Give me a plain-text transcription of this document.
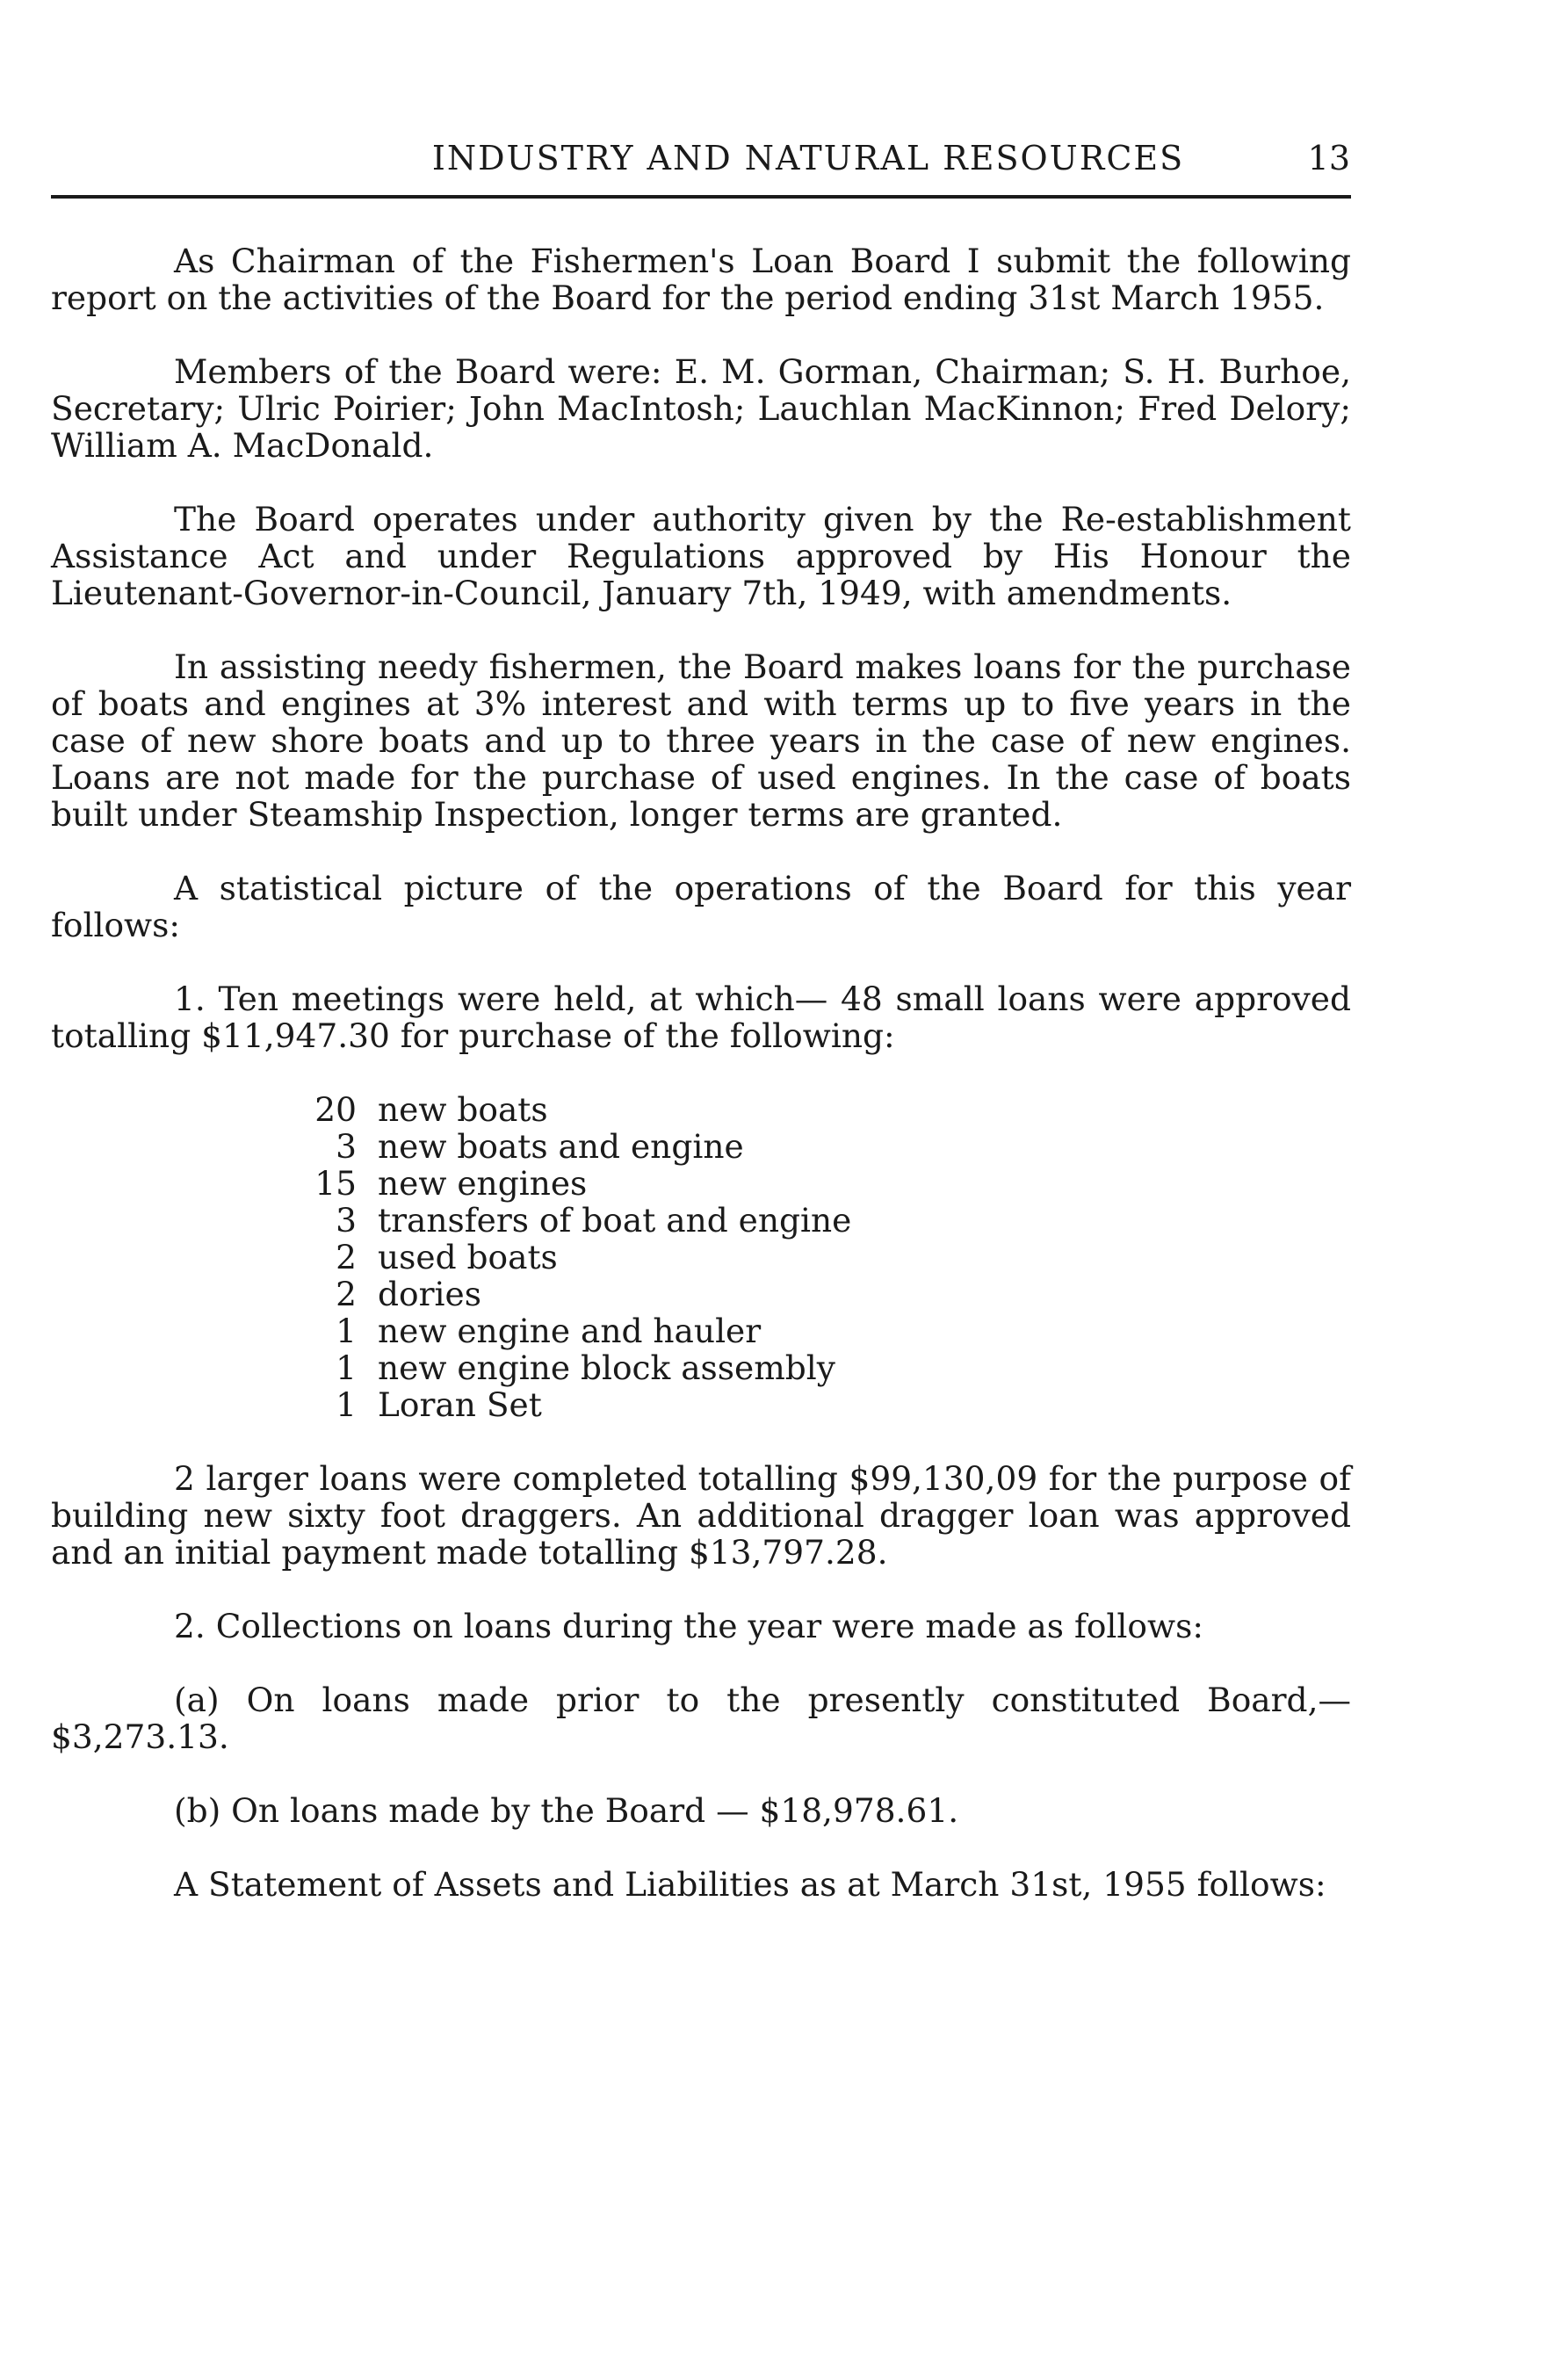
INDUSTRY AND NATURAL RESOURCES	13

As Chairman of the Fishermen's Loan Board I submit the following report on the activities of the Board for the period ending 31st March 1955.

Members of the Board were: E. M. Gorman, Chairman; S. H. Burhoe, Secretary; Ulric Poirier; John MacIntosh; Lauchlan MacKinnon; Fred Delory; William A. MacDonald.

The Board operates under authority given by the Re-establishment Assistance Act and under Regulations approved by His Honour the Lieutenant-Governor-in-Council, January 7th, 1949, with amendments.

In assisting needy fishermen, the Board makes loans for the purchase of boats and engines at 3% interest and with terms up to five years in the case of new shore boats and up to three years in the case of new engines. Loans are not made for the purchase of used engines. In the case of boats built under Steamship Inspection, longer terms are granted.

A statistical picture of the operations of the Board for this year follows:

1. Ten meetings were held, at which— 48 small loans were approved totalling $11,947.30 for purchase of the following:

20 new boats
3 new boats and engine
15 new engines
3 transfers of boat and engine
2 used boats
2 dories
1 new engine and hauler
1 new engine block assembly
1 Loran Set

2 larger loans were completed totalling $99,130,09 for the purpose of building new sixty foot draggers. An additional dragger loan was approved and an initial payment made totalling $13,797.28.

2. Collections on loans during the year were made as follows:

(a) On loans made prior to the presently constituted Board,— $3,273.13.

(b) On loans made by the Board — $18,978.61.

A Statement of Assets and Liabilities as at March 31st, 1955 follows:
